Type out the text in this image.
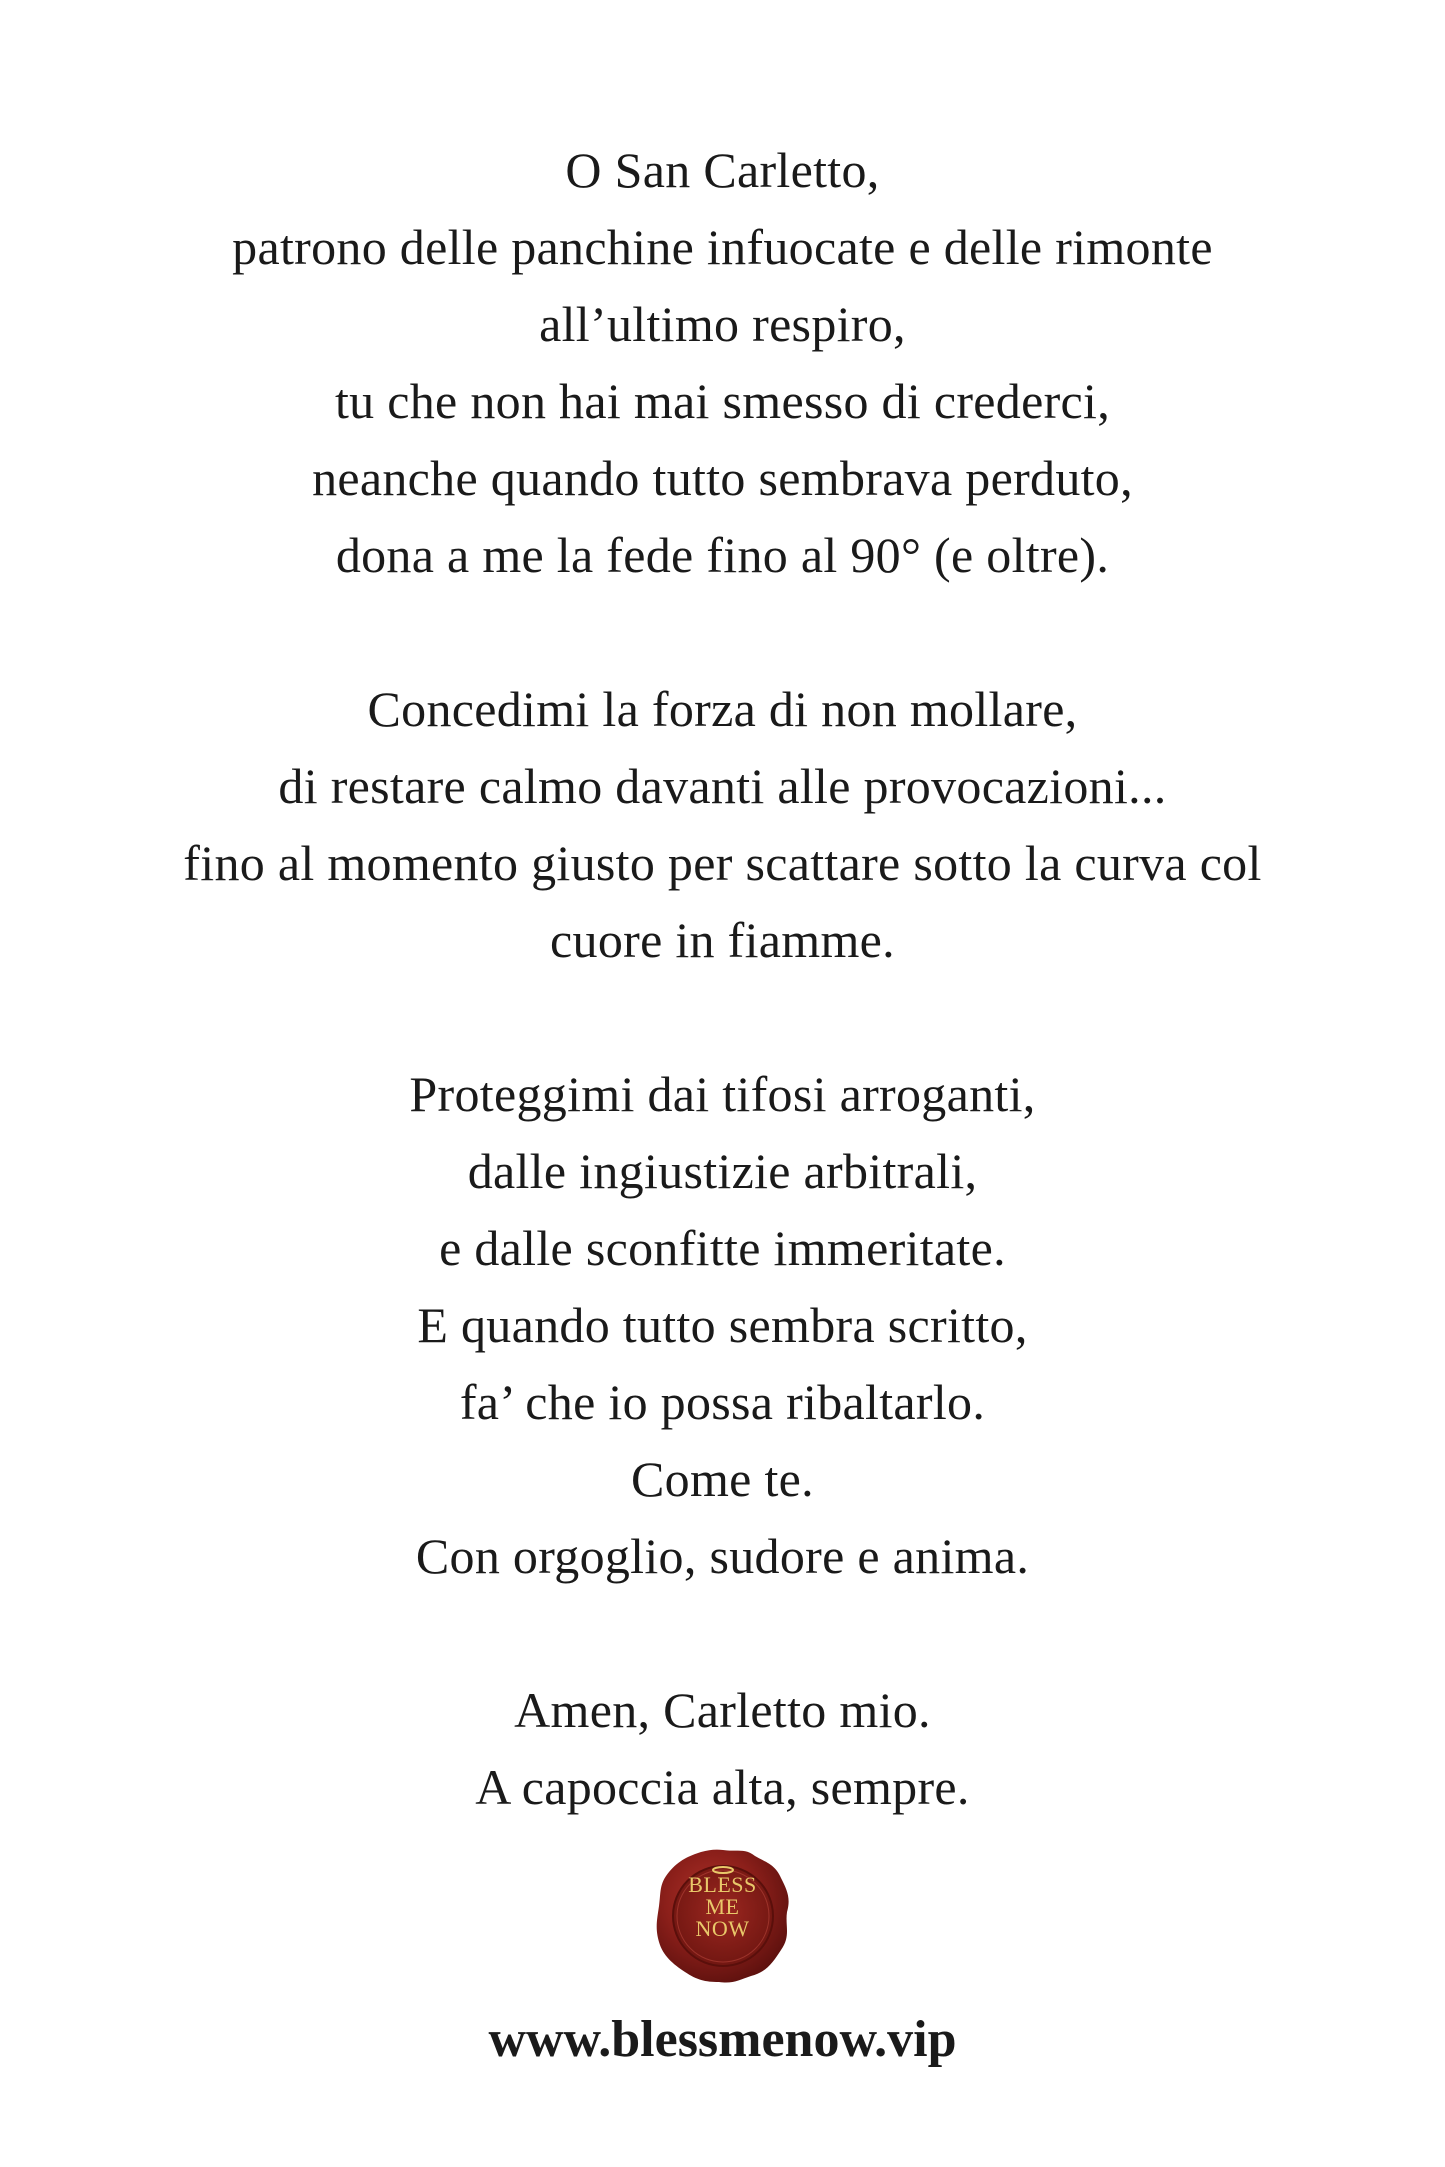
O San Carletto,
patrono delle panchine infuocate e delle rimonte
all’ultimo respiro,
tu che non hai mai smesso di crederci,
neanche quando tutto sembrava perduto,
dona a me la fede fino al 90° (e oltre).
Concedimi la forza di non mollare,
di restare calmo davanti alle provocazioni...
fino al momento giusto per scattare sotto la curva col
cuore in fiamme.
Proteggimi dai tifosi arroganti,
dalle ingiustizie arbitrali,
e dalle sconfitte immeritate.
E quando tutto sembra scritto,
fa’ che io possa ribaltarlo.
Come te.
Con orgoglio, sudore e anima.
Amen, Carletto mio.
A capoccia alta, sempre.
BLESS
ME
NOW
www.blessmenow.vip
